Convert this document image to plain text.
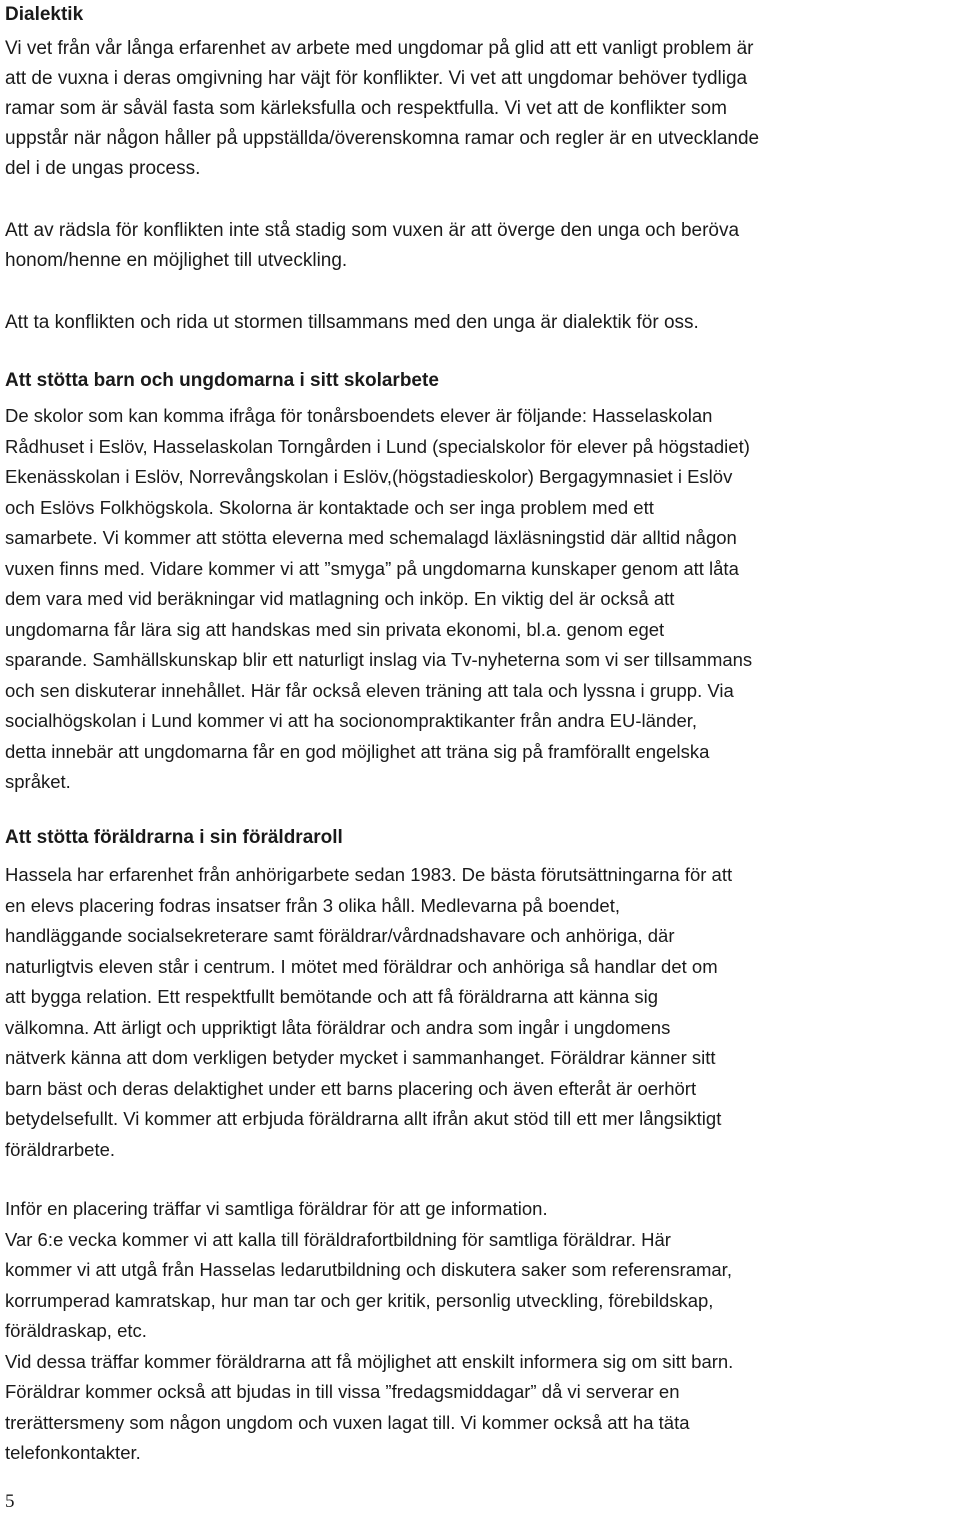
Dialektik

Vi vet från vår långa erfarenhet av arbete med ungdomar på glid att ett vanligt problem är
att de vuxna i deras omgivning har väjt för konflikter. Vi vet att ungdomar behöver tydliga
ramar som är såväl fasta som kärleksfulla och respektfulla. Vi vet att de konflikter som
uppstår när någon håller på uppställda/överenskomna ramar och regler är en utvecklande
del i de ungas process.

Att av rädsla för konflikten inte stå stadig som vuxen är att överge den unga och beröva
honom/henne en möjlighet till utveckling.

Att ta konflikten och rida ut stormen tillsammans med den unga är dialektik för oss.

Att stötta barn och ungdomarna i sitt skolarbete

De skolor som kan komma ifråga för tonårsboendets elever är följande: Hasselaskolan
Rådhuset i Eslöv, Hasselaskolan Torngården i Lund (specialskolor för elever på högstadiet)
Ekenässkolan i Eslöv, Norrevångskolan i Eslöv,(högstadieskolor) Bergagymnasiet i Eslöv
och Eslövs Folkhögskola. Skolorna är kontaktade och ser inga problem med ett
samarbete. Vi kommer att stötta eleverna med schemalagd läxläsningstid där alltid någon
vuxen finns med. Vidare kommer vi att ”smyga” på ungdomarna kunskaper genom att låta
dem vara med vid beräkningar vid matlagning och inköp. En viktig del är också att
ungdomarna får lära sig att handskas med sin privata ekonomi, bl.a. genom eget
sparande. Samhällskunskap blir ett naturligt inslag via Tv-nyheterna som vi ser tillsammans
och sen diskuterar innehållet. Här får också eleven träning att tala och lyssna i grupp. Via
socialhögskolan i Lund kommer vi att ha socionompraktikanter från andra EU-länder,
detta innebär att ungdomarna får en god möjlighet att träna sig på framförallt engelska
språket.

Att stötta föräldrarna i sin föräldraroll

Hassela har erfarenhet från anhörigarbete sedan 1983. De bästa förutsättningarna för att
en elevs placering fodras insatser från 3 olika håll. Medlevarna på boendet,
handläggande socialsekreterare samt föräldrar/vårdnadshavare och anhöriga, där
naturligtvis eleven står i centrum. I mötet med föräldrar och anhöriga så handlar det om
att bygga relation. Ett respektfullt bemötande och att få föräldrarna att känna sig
välkomna. Att ärligt och uppriktigt låta föräldrar och andra som ingår i ungdomens
nätverk känna att dom verkligen betyder mycket i sammanhanget. Föräldrar känner sitt
barn bäst och deras delaktighet under ett barns placering och även efteråt är oerhört
betydelsefullt. Vi kommer att erbjuda föräldrarna allt ifrån akut stöd till ett mer långsiktigt
föräldrarbete.

Inför en placering träffar vi samtliga föräldrar för att ge information.
Var 6:e vecka kommer vi att kalla till föräldrafortbildning för samtliga föräldrar. Här
kommer vi att utgå från Hasselas ledarutbildning och diskutera saker som referensramar,
korrumperad kamratskap, hur man tar och ger kritik, personlig utveckling, förebildskap,
föräldraskap, etc.
Vid dessa träffar kommer föräldrarna att få möjlighet att enskilt informera sig om sitt barn.
Föräldrar kommer också att bjudas in till vissa ”fredagsmiddagar” då vi serverar en
trerättersmeny som någon ungdom och vuxen lagat till. Vi kommer också att ha täta
telefonkontakter.

5
